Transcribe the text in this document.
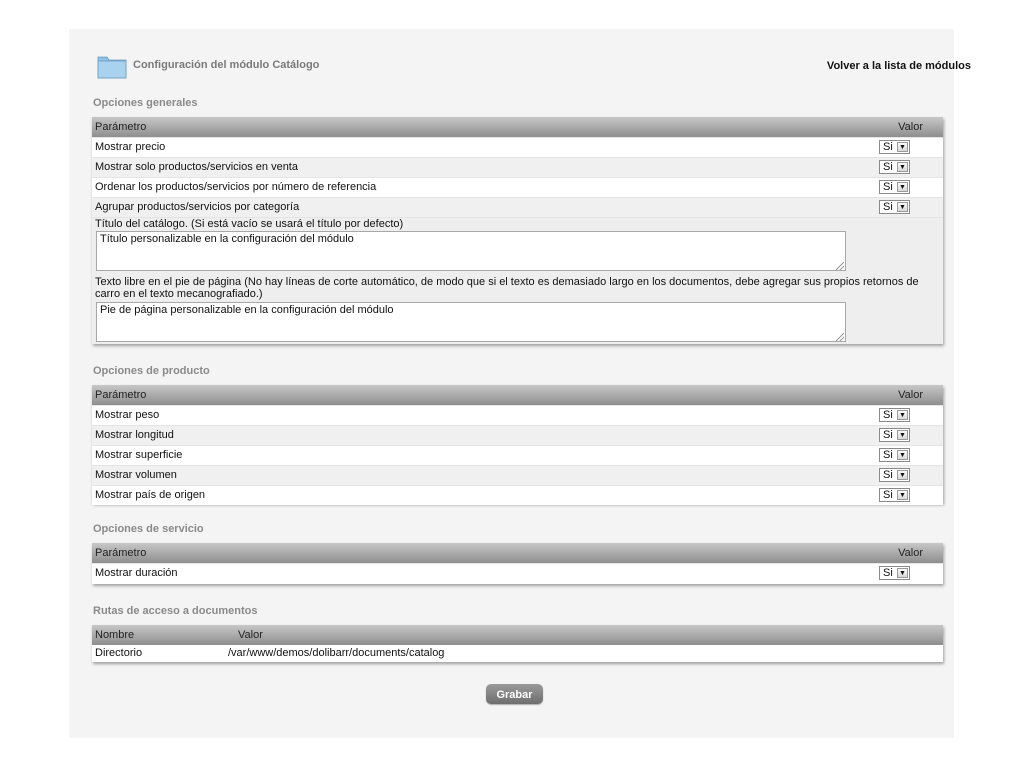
Configuración del módulo Catálogo	Volver a la lista de módulos
Opciones generales
Parámetro	Valor
Mostrar precio	Si ▼
Mostrar solo productos/servicios en venta	Si ▼
Ordenar los productos/servicios por número de referencia	Si ▼
Agrupar productos/servicios por categoría	Si ▼
Título del catálogo. (Si está vacío se usará el título por defecto)
Título personalizable en la configuración del módulo
Texto libre en el pie de página (No hay líneas de corte automático, de modo que si el texto es demasiado largo en los documentos, debe agregar sus propios retornos de carro en el texto mecanografiado.)
Pie de página personalizable en la configuración del módulo
Opciones de producto
Parámetro	Valor
Mostrar peso	Si ▼
Mostrar longitud	Si ▼
Mostrar superficie	Si ▼
Mostrar volumen	Si ▼
Mostrar país de origen	Si ▼
Opciones de servicio
Parámetro	Valor
Mostrar duración	Si ▼
Rutas de acceso a documentos
Nombre	Valor
Directorio	/var/www/demos/dolibarr/documents/catalog
Grabar
